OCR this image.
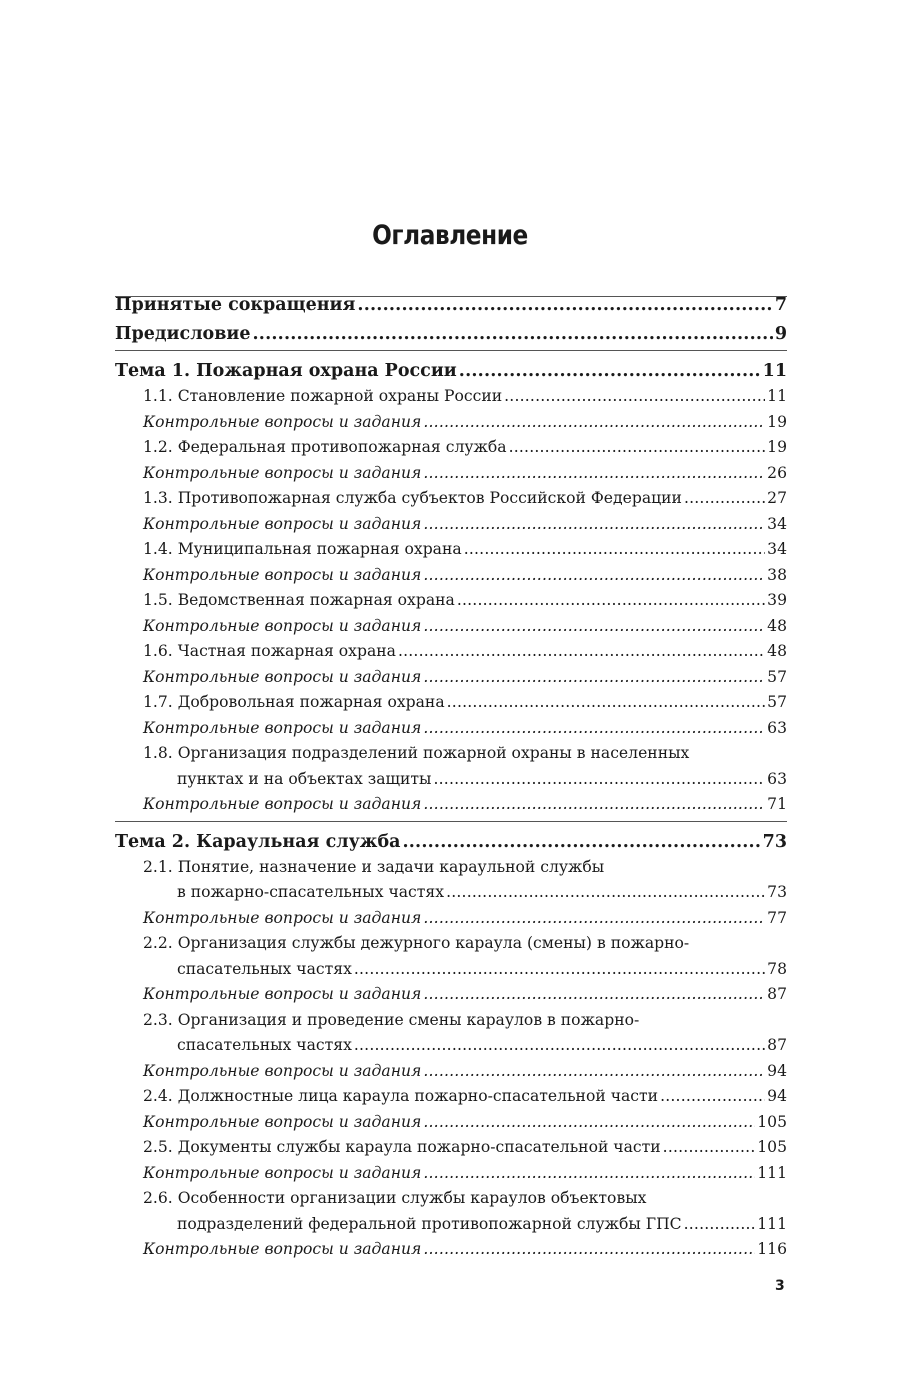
Оглавление
Принятые сокращения .....	7
Предисловие .....	9
Тема 1. Пожарная охрана России .....	11
1.1. Становление пожарной охраны России .....	11
Контрольные вопросы и задания .....	19
1.2. Федеральная противопожарная служба .....	19
Контрольные вопросы и задания .....	26
1.3. Противопожарная служба субъектов Российской Федерации .....	27
Контрольные вопросы и задания .....	34
1.4. Муниципальная пожарная охрана .....	34
Контрольные вопросы и задания .....	38
1.5. Ведомственная пожарная охрана .....	39
Контрольные вопросы и задания .....	48
1.6. Частная пожарная охрана .....	48
Контрольные вопросы и задания .....	57
1.7. Добровольная пожарная охрана .....	57
Контрольные вопросы и задания .....	63
1.8. Организация подразделений пожарной охраны в населенных
пунктах и на объектах защиты .....	63
Контрольные вопросы и задания .....	71
Тема 2. Караульная служба .....	73
2.1. Понятие, назначение и задачи караульной службы
в пожарно-спасательных частях .....	73
Контрольные вопросы и задания .....	77
2.2. Организация службы дежурного караула (смены) в пожарно-
спасательных частях .....	78
Контрольные вопросы и задания .....	87
2.3. Организация и проведение смены караулов в пожарно-
спасательных частях .....	87
Контрольные вопросы и задания .....	94
2.4. Должностные лица караула пожарно-спасательной части .....	94
Контрольные вопросы и задания .....	105
2.5. Документы службы караула пожарно-спасательной части .....	105
Контрольные вопросы и задания .....	111
2.6. Особенности организации службы караулов объектовых
подразделений федеральной противопожарной службы ГПС .....	111
Контрольные вопросы и задания .....	116
3
